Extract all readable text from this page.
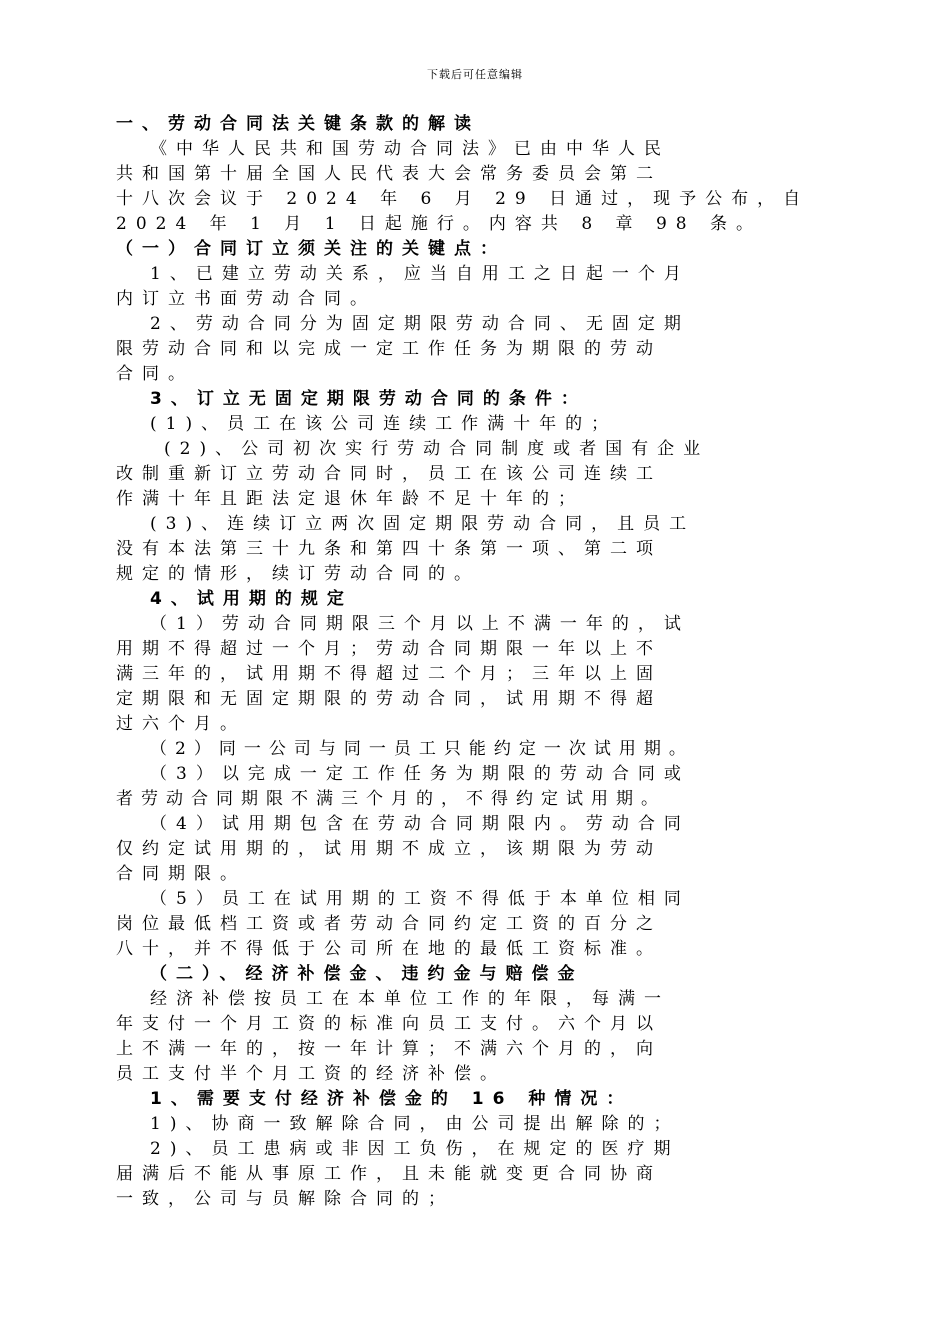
下载后可任意编辑
一、劳动合同法关键条款的解读
《中华人民共和国劳动合同法》已由中华人民
共和国第十届全国人民代表大会常务委员会第二
十八次会议于 2024 年 6 月 29 日通过，现予公布，自
2024 年 1 月 1 日起施行。内容共 8 章 98 条。
（一）合同订立须关注的关键点：
1、已建立劳动关系，应当自用工之日起一个月
内订立书面劳动合同。
2、劳动合同分为固定期限劳动合同、无固定期
限劳动合同和以完成一定工作任务为期限的劳动
合同。
3、订立无固定期限劳动合同的条件：
(1)、员工在该公司连续工作满十年的；
(2)、公司初次实行劳动合同制度或者国有企业
改制重新订立劳动合同时，员工在该公司连续工
作满十年且距法定退休年龄不足十年的；
(3)、连续订立两次固定期限劳动合同，且员工
没有本法第三十九条和第四十条第一项、第二项
规定的情形，续订劳动合同的。
4、试用期的规定
（1）劳动合同期限三个月以上不满一年的，试
用期不得超过一个月；劳动合同期限一年以上不
满三年的，试用期不得超过二个月；三年以上固
定期限和无固定期限的劳动合同，试用期不得超
过六个月。
（2）同一公司与同一员工只能约定一次试用期。
（3）以完成一定工作任务为期限的劳动合同或
者劳动合同期限不满三个月的，不得约定试用期。
（4）试用期包含在劳动合同期限内。劳动合同
仅约定试用期的，试用期不成立，该期限为劳动
合同期限。
（5）员工在试用期的工资不得低于本单位相同
岗位最低档工资或者劳动合同约定工资的百分之
八十，并不得低于公司所在地的最低工资标准。
（二）、经济补偿金、违约金与赔偿金
经济补偿按员工在本单位工作的年限，每满一
年支付一个月工资的标准向员工支付。六个月以
上不满一年的，按一年计算；不满六个月的，向
员工支付半个月工资的经济补偿。
1、需要支付经济补偿金的 16 种情况：
1)、协商一致解除合同，由公司提出解除的；
2)、员工患病或非因工负伤，在规定的医疗期
届满后不能从事原工作，且未能就变更合同协商
一致，公司与员解除合同的；
